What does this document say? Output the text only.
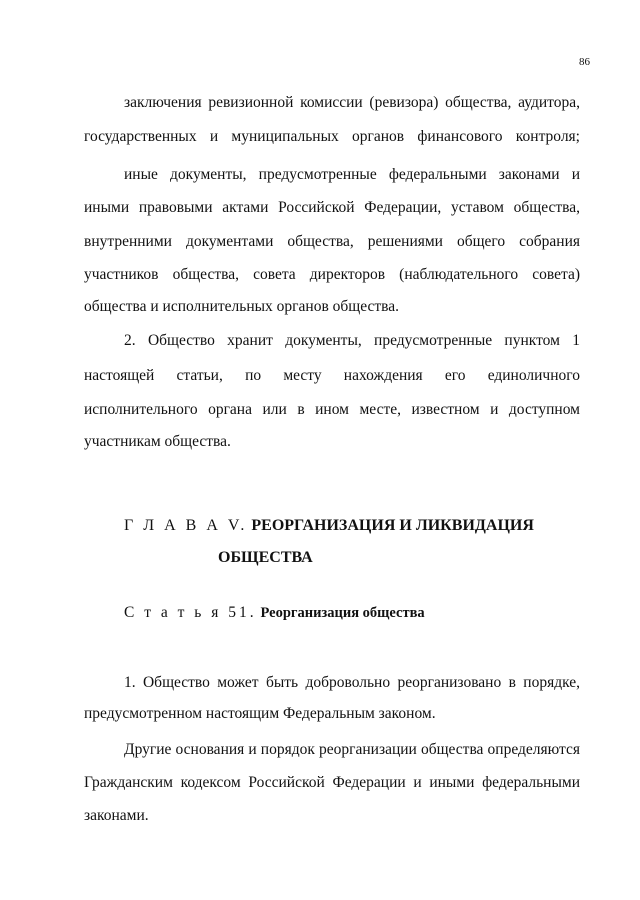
86
заключения ревизионной комиссии (ревизора) общества, аудитора,
государственных и муниципальных органов финансового контроля;
иные документы, предусмотренные федеральными законами и
иными правовыми актами Российской Федерации, уставом общества,
внутренними документами общества, решениями общего собрания
участников общества, совета директоров (наблюдательного совета)
общества и исполнительных органов общества.
2. Общество хранит документы, предусмотренные пунктом 1
настоящей статьи, по месту нахождения его единоличного
исполнительного органа или в ином месте, известном и доступном
участникам общества.
Г Л А В А V. РЕОРГАНИЗАЦИЯ И ЛИКВИДАЦИЯ
ОБЩЕСТВА
С т а т ь я 51. Реорганизация общества
1. Общество может быть добровольно реорганизовано в порядке,
предусмотренном настоящим Федеральным законом.
Другие основания и порядок реорганизации общества определяются
Гражданским кодексом Российской Федерации и иными федеральными
законами.
